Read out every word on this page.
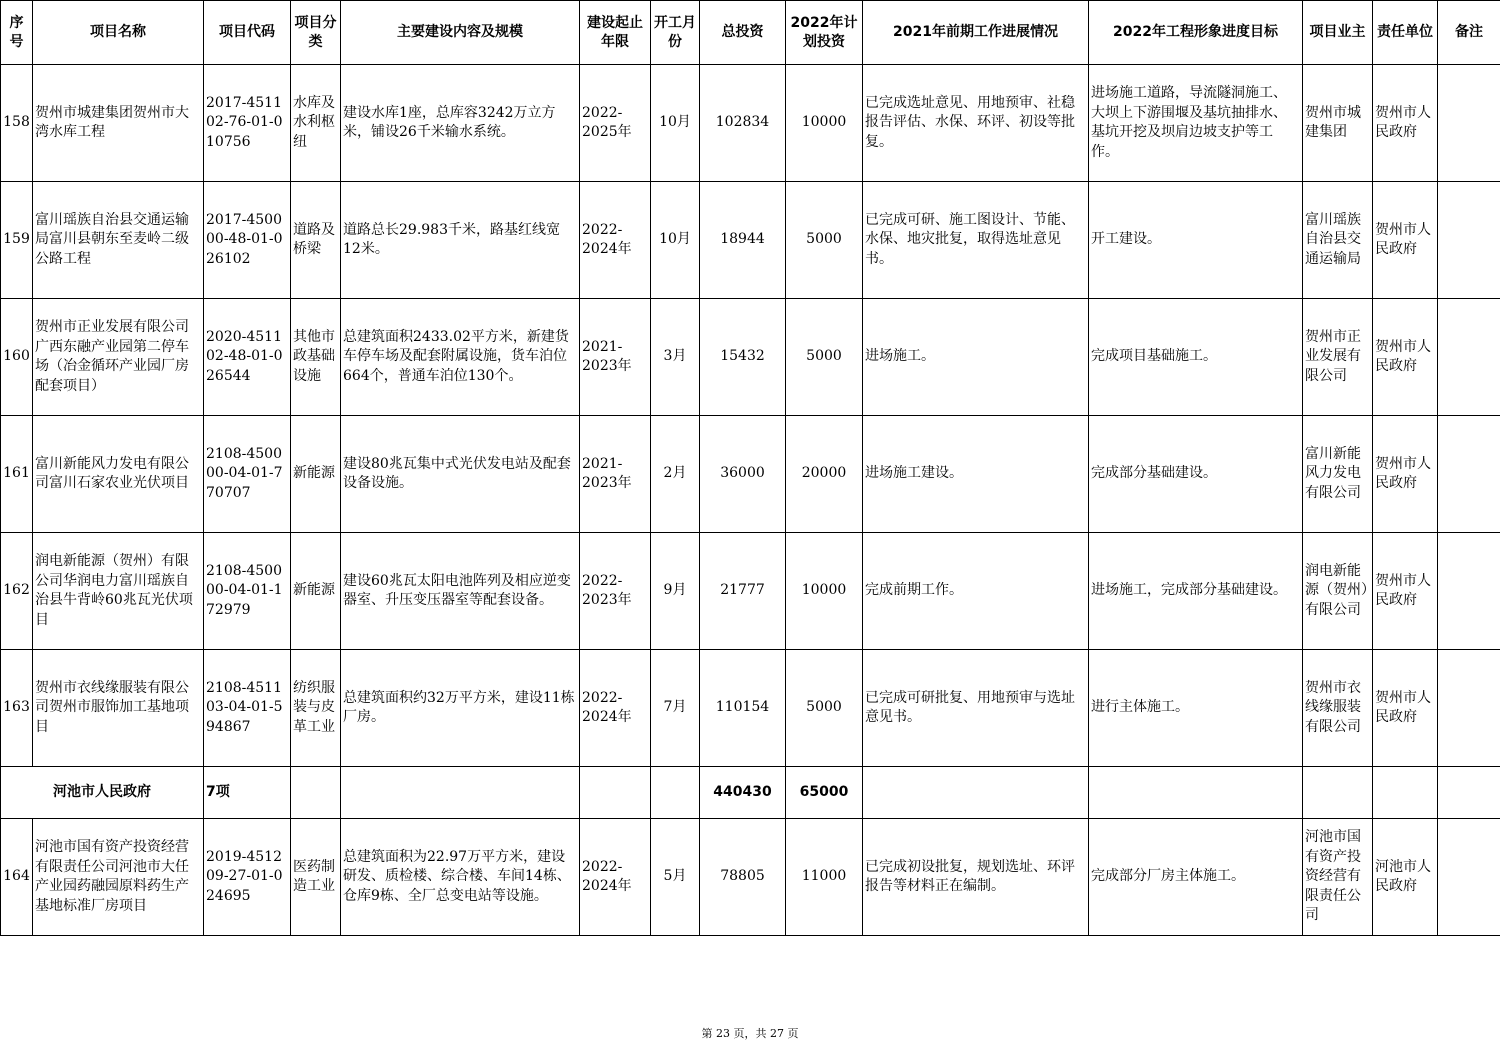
序号	项目名称	项目代码	项目分类	主要建设内容及规模	建设起止年限	开工月份	总投资	2022年计划投资	2021年前期工作进展情况	2022年工程形象进度目标	项目业主	责任单位	备注
158	贺州市城建集团贺州市大湾水库工程	2017-451102-76-01-010756	水库及水利枢纽	建设水库1座，总库容3242万立方米，铺设26千米输水系统。	2022-2025年	10月	102834	10000	已完成选址意见、用地预审、社稳报告评估、水保、环评、初设等批复。	进场施工道路，导流隧洞施工、大坝上下游围堰及基坑抽排水、基坑开挖及坝肩边坡支护等工作。	贺州市城建集团	贺州市人民政府	
159	富川瑶族自治县交通运输局富川县朝东至麦岭二级公路工程	2017-450000-48-01-026102	道路及桥梁	道路总长29.983千米，路基红线宽12米。	2022-2024年	10月	18944	5000	已完成可研、施工图设计、节能、水保、地灾批复，取得选址意见书。	开工建设。	富川瑶族自治县交通运输局	贺州市人民政府	
160	贺州市正业发展有限公司广西东融产业园第二停车场（冶金循环产业园厂房配套项目）	2020-451102-48-01-026544	其他市政基础设施	总建筑面积2433.02平方米，新建货车停车场及配套附属设施，货车泊位664个，普通车泊位130个。	2021-2023年	3月	15432	5000	进场施工。	完成项目基础施工。	贺州市正业发展有限公司	贺州市人民政府	
161	富川新能风力发电有限公司富川石家农业光伏项目	2108-450000-04-01-770707	新能源	建设80兆瓦集中式光伏发电站及配套设备设施。	2021-2023年	2月	36000	20000	进场施工建设。	完成部分基础建设。	富川新能风力发电有限公司	贺州市人民政府	
162	润电新能源（贺州）有限公司华润电力富川瑶族自治县牛背岭60兆瓦光伏项目	2108-450000-04-01-172979	新能源	建设60兆瓦太阳电池阵列及相应逆变器室、升压变压器室等配套设备。	2022-2023年	9月	21777	10000	完成前期工作。	进场施工，完成部分基础建设。	润电新能源（贺州）有限公司	贺州市人民政府	
163	贺州市衣线缘服装有限公司贺州市服饰加工基地项目	2108-451103-04-01-594867	纺织服装与皮革工业	总建筑面积约32万平方米，建设11栋厂房。	2022-2024年	7月	110154	5000	已完成可研批复、用地预审与选址意见书。	进行主体施工。	贺州市衣线缘服装有限公司	贺州市人民政府	
河池市人民政府		7项					440430	65000					
164	河池市国有资产投资经营有限责任公司河池市大任产业园药融园原料药生产基地标准厂房项目	2019-451209-27-01-024695	医药制造工业	总建筑面积为22.97万平方米，建设研发、质检楼、综合楼、车间14栋、仓库9栋、全厂总变电站等设施。	2022-2024年	5月	78805	11000	已完成初设批复，规划选址、环评报告等材料正在编制。	完成部分厂房主体施工。	河池市国有资产投资经营有限责任公司	河池市人民政府	
第 23 页，共 27 页
